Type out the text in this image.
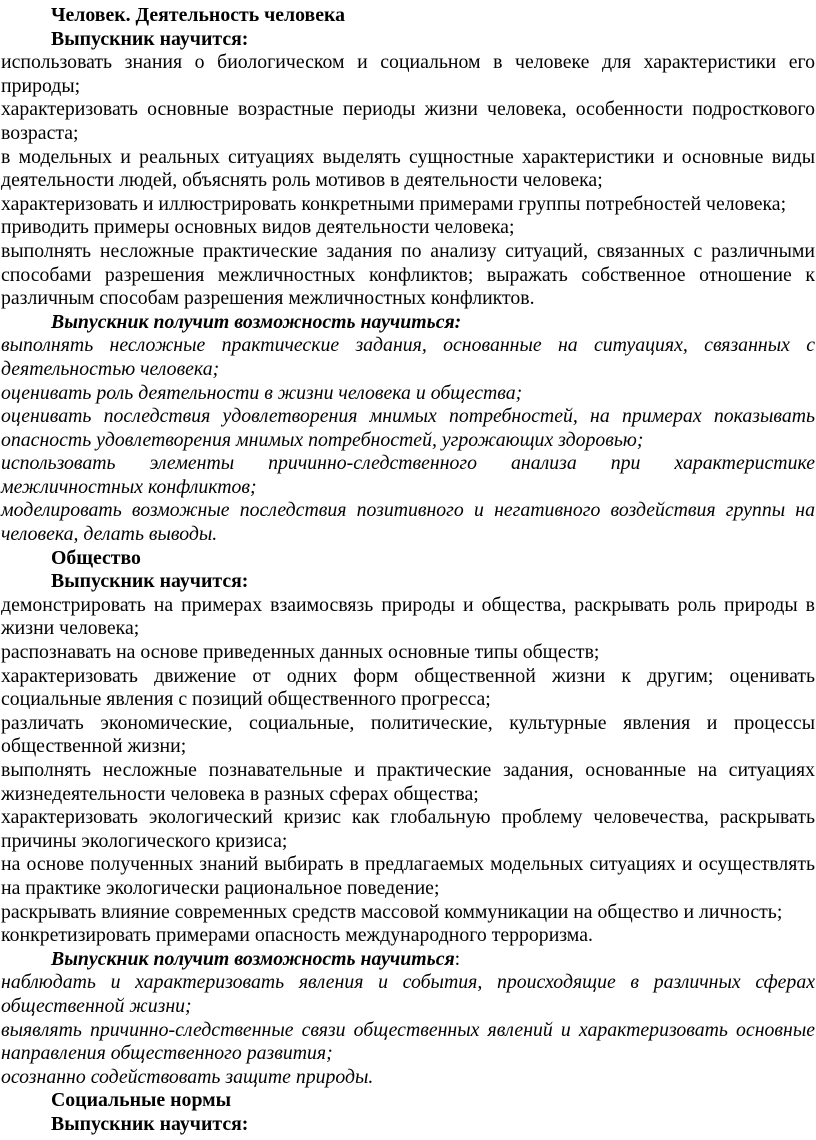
Человек. Деятельность человека
Выпускник научится:
использовать знания о биологическом и социальном в человеке для характеристики его природы;
характеризовать основные возрастные периоды жизни человека, особенности подросткового возраста;
в модельных и реальных ситуациях выделять сущностные характеристики и основные виды деятельности людей, объяснять роль мотивов в деятельности человека;
характеризовать и иллюстрировать конкретными примерами группы потребностей человека;
приводить примеры основных видов деятельности человека;
выполнять несложные практические задания по анализу ситуаций, связанных с различными способами разрешения межличностных конфликтов; выражать собственное отношение к различным способам разрешения межличностных конфликтов.
Выпускник получит возможность научиться:
выполнять несложные практические задания, основанные на ситуациях, связанных с деятельностью человека;
оценивать роль деятельности в жизни человека и общества;
оценивать последствия удовлетворения мнимых потребностей, на примерах показывать опасность удовлетворения мнимых потребностей, угрожающих здоровью;
использовать элементы причинно-следственного анализа при характеристике межличностных конфликтов;
моделировать возможные последствия позитивного и негативного воздействия группы на человека, делать выводы.
Общество
Выпускник научится:
демонстрировать на примерах взаимосвязь природы и общества, раскрывать роль природы в жизни человека;
распознавать на основе приведенных данных основные типы обществ;
характеризовать движение от одних форм общественной жизни к другим; оценивать социальные явления с позиций общественного прогресса;
различать экономические, социальные, политические, культурные явления и процессы общественной жизни;
выполнять несложные познавательные и практические задания, основанные на ситуациях жизнедеятельности человека в разных сферах общества;
характеризовать экологический кризис как глобальную проблему человечества, раскрывать причины экологического кризиса;
на основе полученных знаний выбирать в предлагаемых модельных ситуациях и осуществлять на практике экологически рациональное поведение;
раскрывать влияние современных средств массовой коммуникации на общество и личность;
конкретизировать примерами опасность международного терроризма.
Выпускник получит возможность научиться:
наблюдать и характеризовать явления и события, происходящие в различных сферах общественной жизни;
выявлять причинно-следственные связи общественных явлений и характеризовать основные направления общественного развития;
осознанно содействовать защите природы.
Социальные нормы
Выпускник научится:
